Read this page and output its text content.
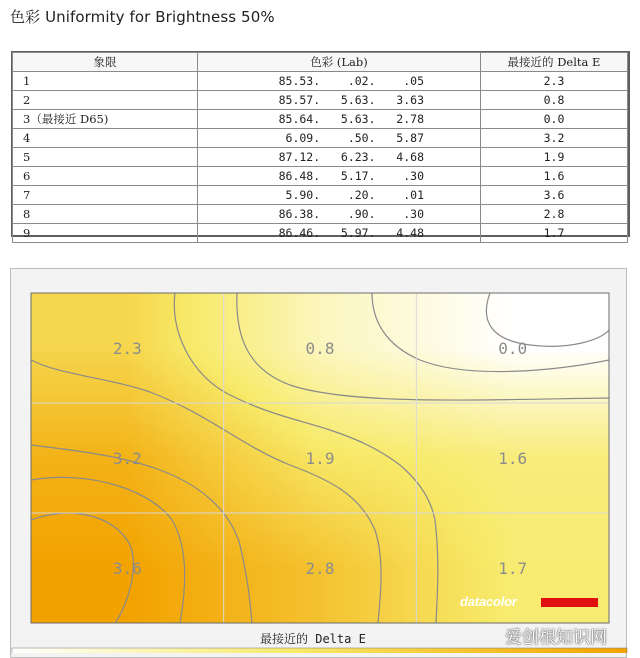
色彩 Uniformity for Brightness 50%
象限	色彩 (Lab)	最接近的 Delta E
1	85.53.    .02.    .05	2.3
2	85.57.   5.63.   3.63	0.8
3（最接近 D65)	85.64.   5.63.   2.78	0.0
4	6.09.    .50.   5.87	3.2
5	87.12.   6.23.   4.68	1.9
6	86.48.   5.17.    .30	1.6
7	5.90.    .20.    .01	3.6
8	86.38.    .90.    .30	2.8
9	86.46.   5.97.   4.48	1.7
2.3	0.8	0.0
3.2	1.9	1.6
3.6	2.8	1.7
datacolor
最接近的 Delta E	爱创根知识网
